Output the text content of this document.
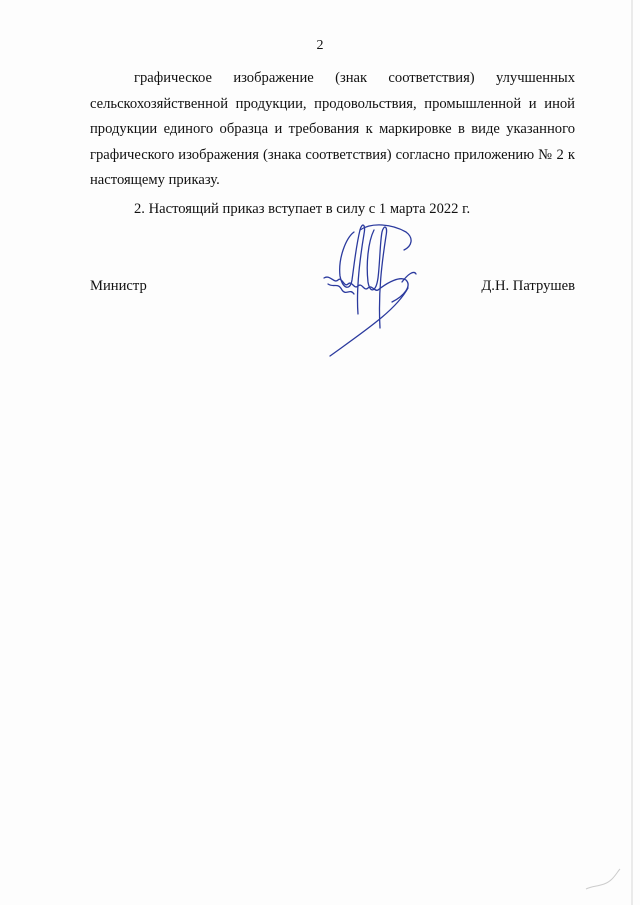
2

графическое изображение (знак соответствия) улучшенных сельскохозяйственной продукции, продовольствия, промышленной и иной продукции единого образца и требования к маркировке в виде указанного графического изображения (знака соответствия) согласно приложению № 2 к настоящему приказу.

2. Настоящий приказ вступает в силу с 1 марта 2022 г.

Министр	Д.Н. Патрушев
